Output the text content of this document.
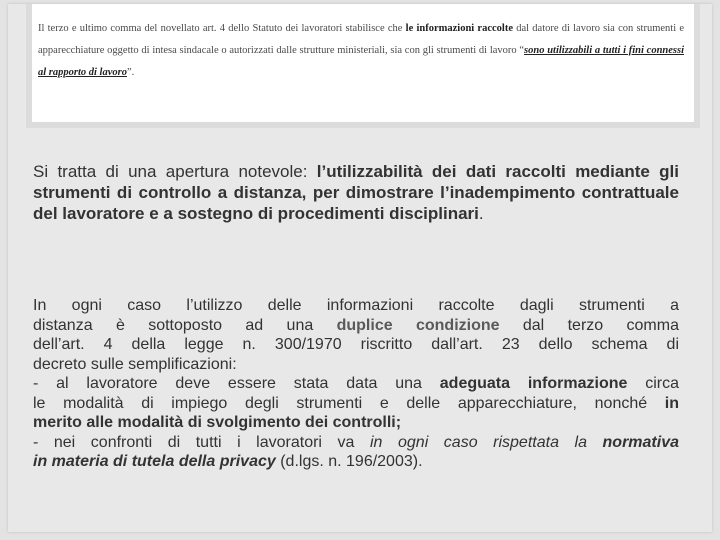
Il terzo e ultimo comma del novellato art. 4 dello Statuto dei lavoratori stabilisce che le informazioni raccolte dal datore di lavoro sia con strumenti e apparecchiature oggetto di intesa sindacale o autorizzati dalle strutture ministeriali, sia con gli strumenti di lavoro “sono utilizzabili a tutti i fini connessi al rapporto di lavoro”.
Si tratta di una apertura notevole: l’utilizzabilità dei dati raccolti mediante gli strumenti di controllo a distanza, per dimostrare l’inadempimento contrattuale del lavoratore e a sostegno di procedimenti disciplinari.
In ogni caso l’utilizzo delle informazioni raccolte dagli strumenti a
distanza è sottoposto ad una duplice condizione dal terzo comma
dell’art. 4 della legge n. 300/1970 riscritto dall’art. 23 dello schema di
decreto sulle semplificazioni:
- al lavoratore deve essere stata data una adeguata informazione circa
le modalità di impiego degli strumenti e delle apparecchiature, nonché in
merito alle modalità di svolgimento dei controlli;
- nei confronti di tutti i lavoratori va in ogni caso rispettata la normativa
in materia di tutela della privacy (d.lgs. n. 196/2003).
